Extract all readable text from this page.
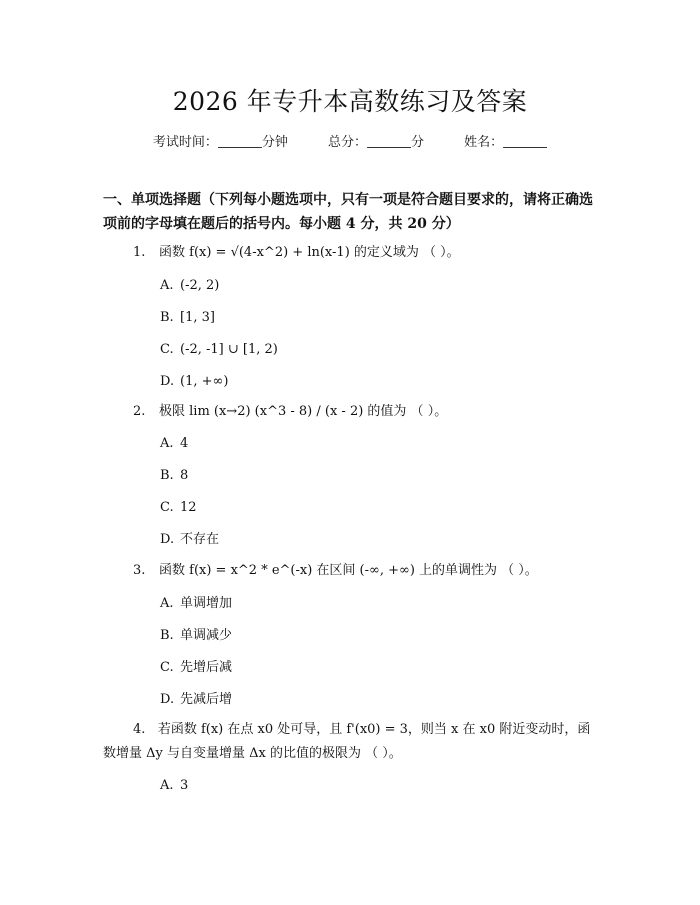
2026 年专升本高数练习及答案
考试时间：	分钟	总分：	分	姓名：
一、单项选择题（下列每小题选项中，只有一项是符合题目要求的，请将正确选项前的字母填在题后的括号内。每小题 4 分，共 20 分）
1. 函数 f(x) = √(4-x^2) + ln(x-1) 的定义域为 （ ）。
A. (-2, 2)
B. [1, 3]
C. (-2, -1] ∪ [1, 2)
D. (1, +∞)
2. 极限 lim (x→2) (x^3 - 8) / (x - 2) 的值为 （ ）。
A. 4
B. 8
C. 12
D. 不存在
3. 函数 f(x) = x^2 * e^(-x) 在区间 (-∞, +∞) 上的单调性为 （ ）。
A. 单调增加
B. 单调减少
C. 先增后减
D. 先减后增
4. 若函数 f(x) 在点 x0 处可导，且 f'(x0) = 3，则当 x 在 x0 附近变动时，函数增量 Δy 与自变量增量 Δx 的比值的极限为 （ ）。
A. 3
